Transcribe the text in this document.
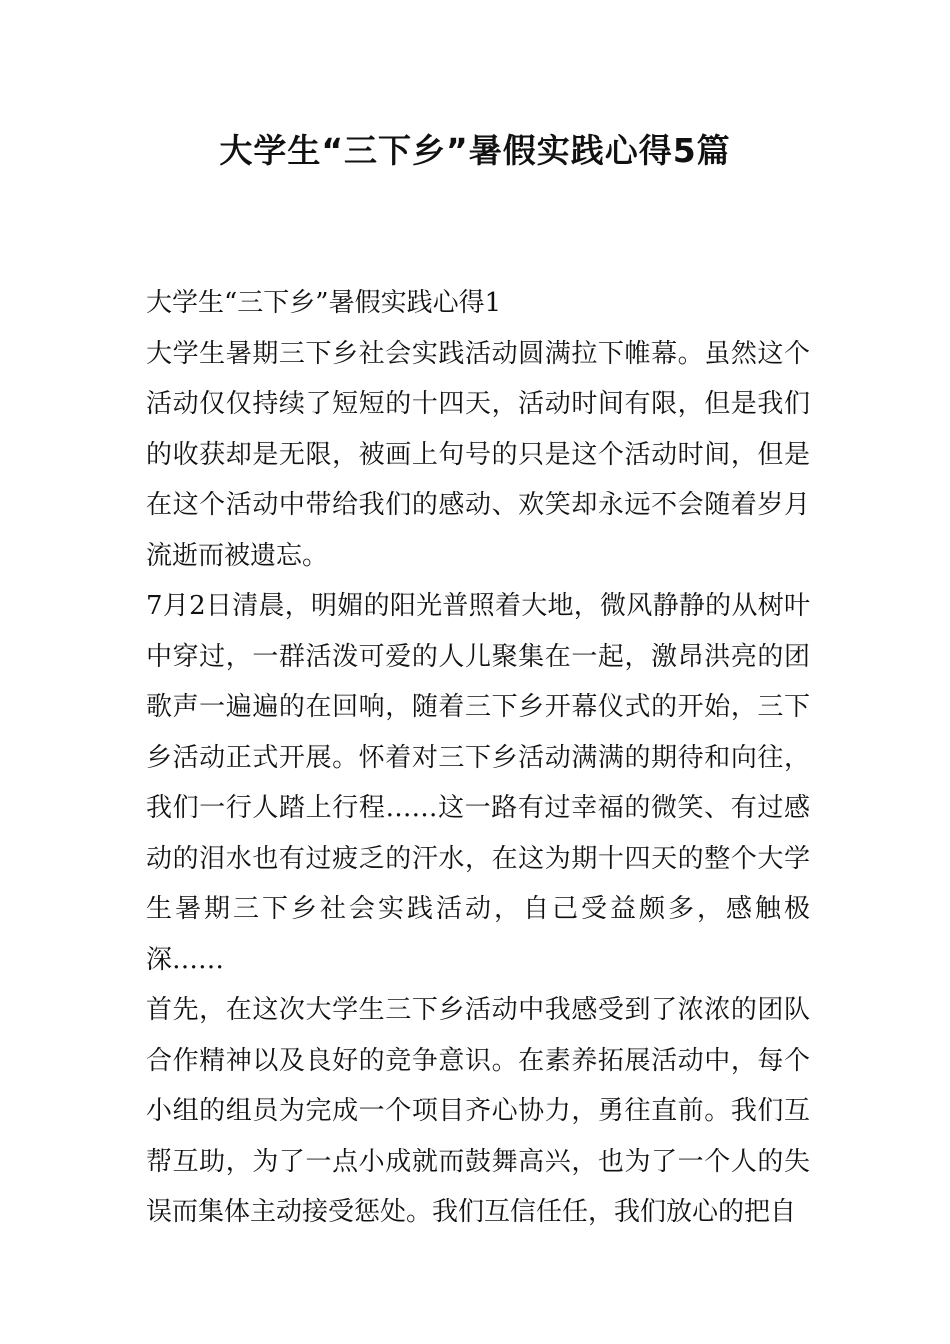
大学生“三下乡”暑假实践心得5篇

大学生“三下乡”暑假实践心得1

大学生暑期三下乡社会实践活动圆满拉下帷幕。虽然这个活动仅仅持续了短短的十四天，活动时间有限，但是我们的收获却是无限，被画上句号的只是这个活动时间，但是在这个活动中带给我们的感动、欢笑却永远不会随着岁月流逝而被遗忘。

7月2日清晨，明媚的阳光普照着大地，微风静静的从树叶中穿过，一群活泼可爱的人儿聚集在一起，激昂洪亮的团歌声一遍遍的在回响，随着三下乡开幕仪式的开始，三下乡活动正式开展。怀着对三下乡活动满满的期待和向往，我们一行人踏上行程……这一路有过幸福的微笑、有过感动的泪水也有过疲乏的汗水，在这为期十四天的整个大学生暑期三下乡社会实践活动，自己受益颇多，感触极深……

首先，在这次大学生三下乡活动中我感受到了浓浓的团队合作精神以及良好的竞争意识。在素养拓展活动中，每个小组的组员为完成一个项目齐心协力，勇往直前。我们互帮互助，为了一点小成就而鼓舞高兴，也为了一个人的失误而集体主动接受惩处。我们互信任任，我们放心的把自
